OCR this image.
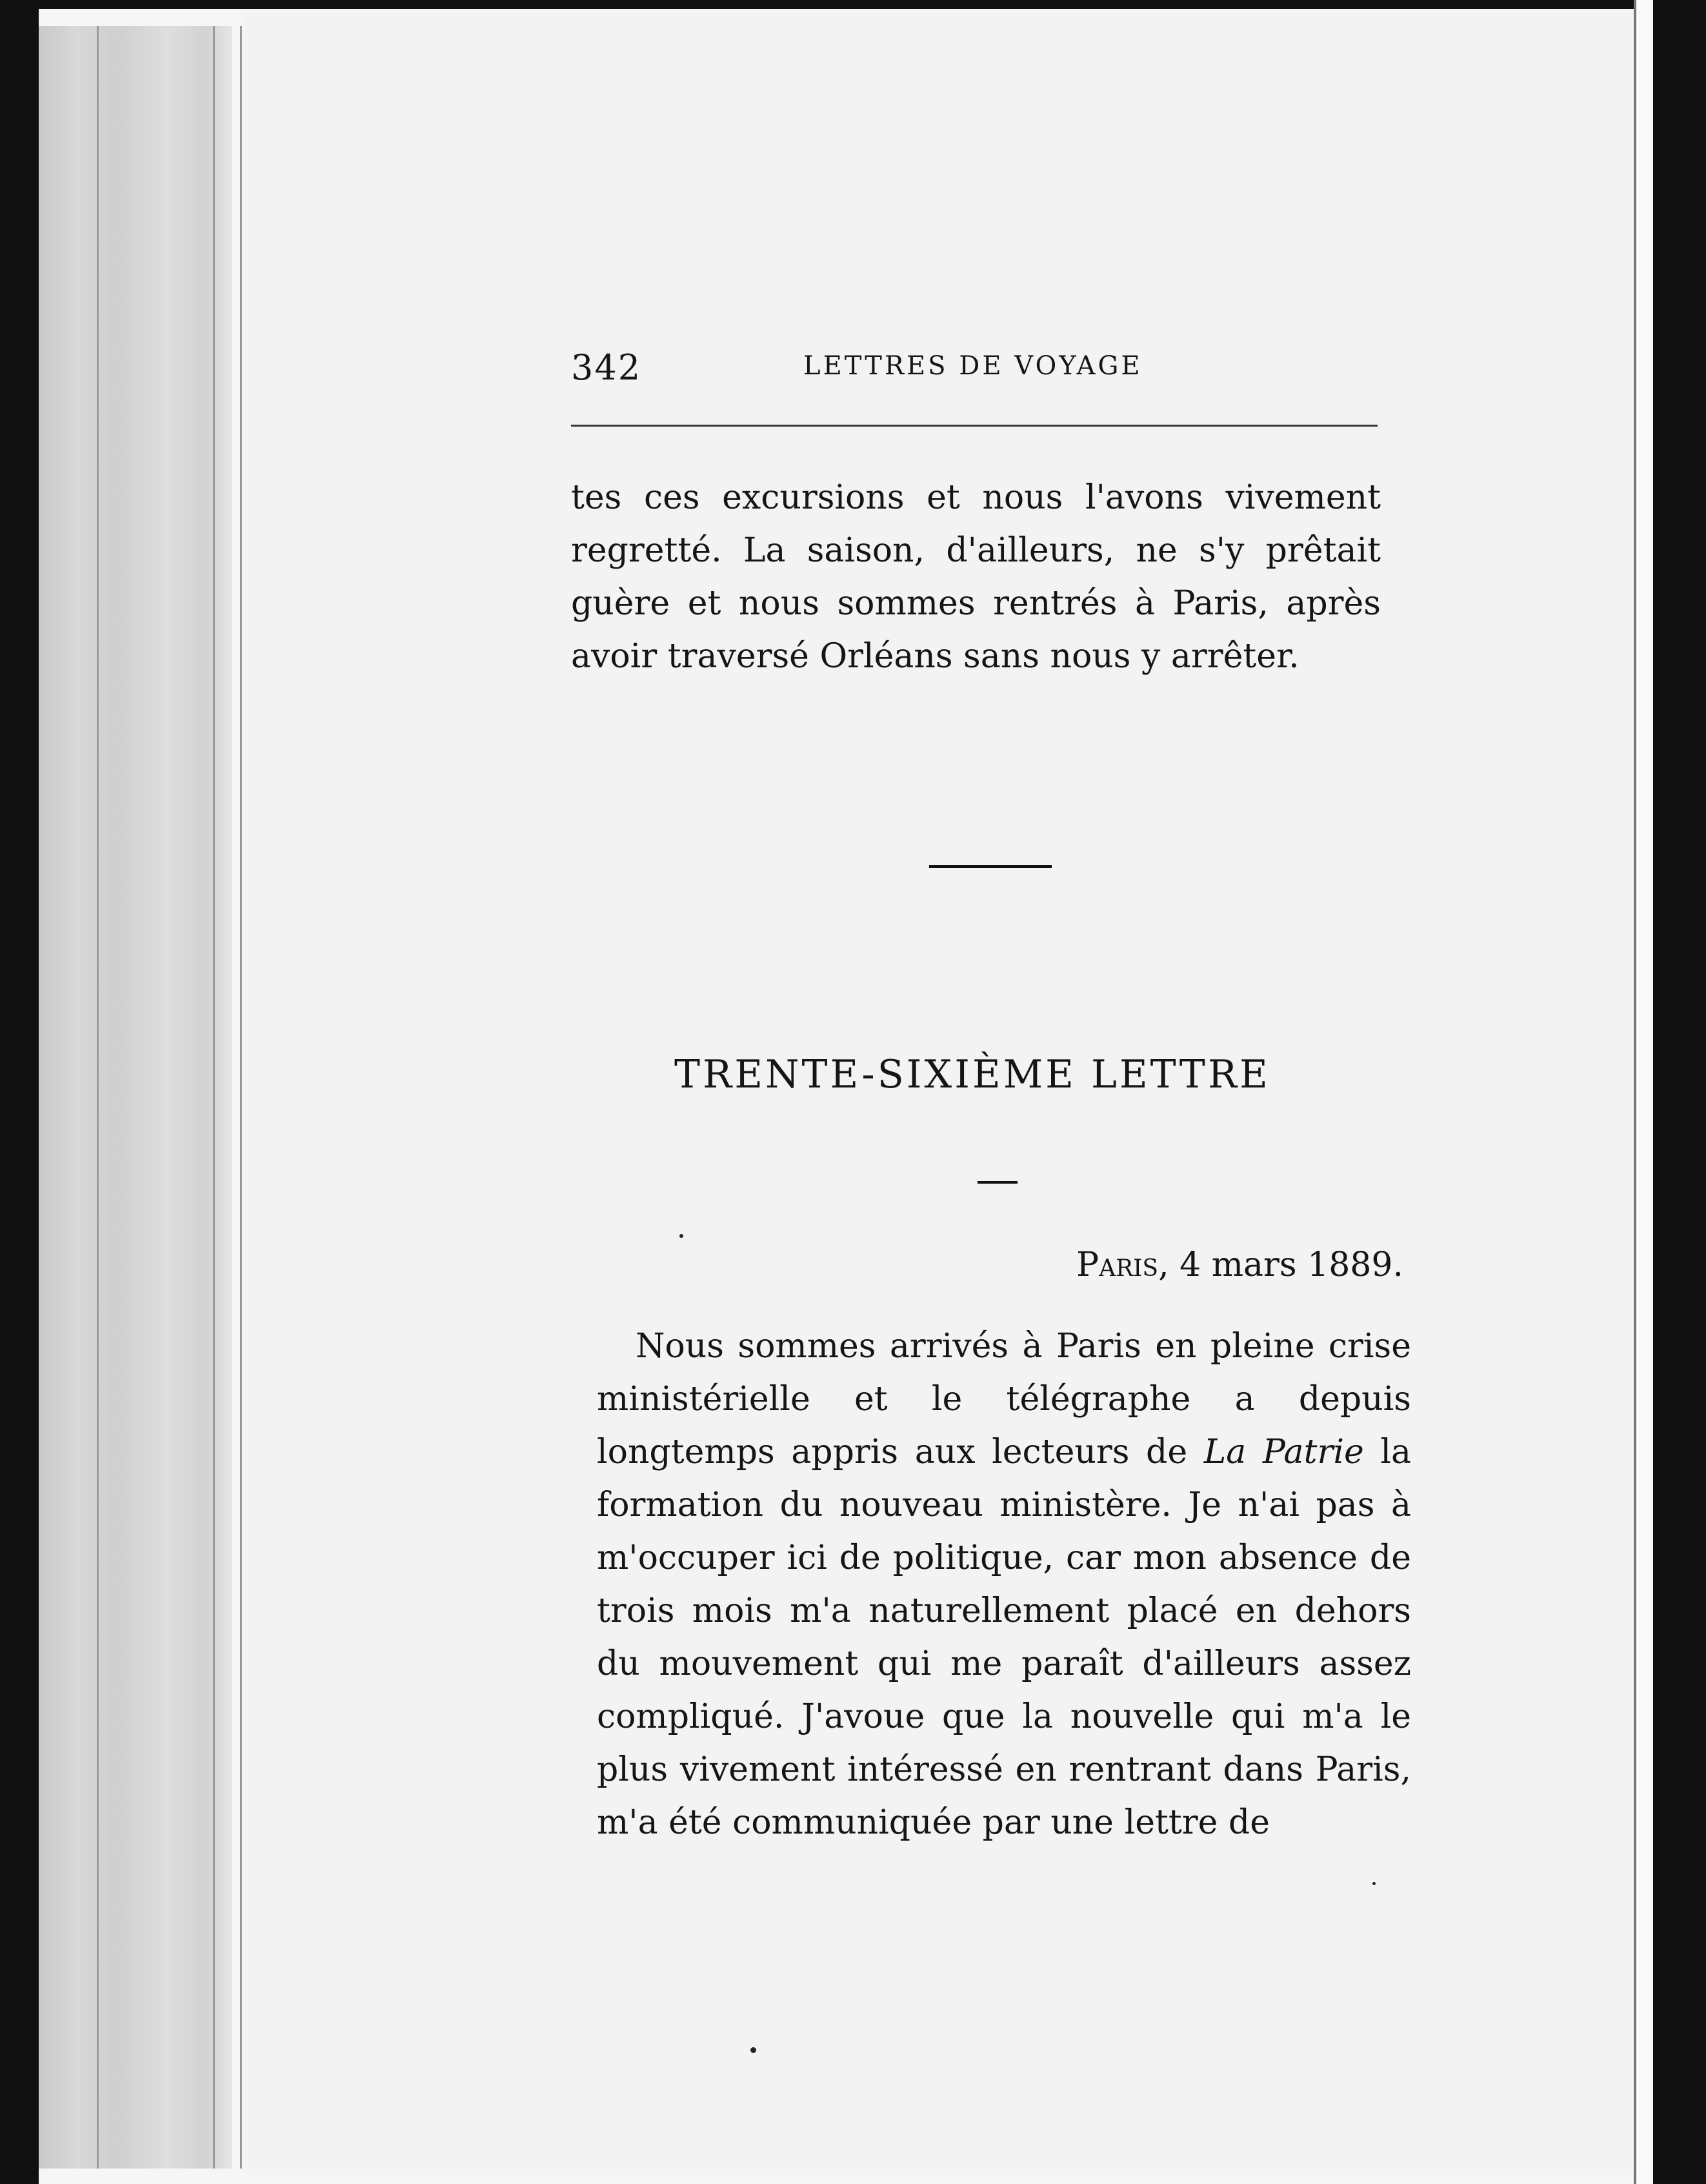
342	LETTRES DE VOYAGE

tes ces excursions et nous l'avons vivement regretté. La saison, d'ailleurs, ne s'y prêtait guère et nous sommes rentrés à Paris, après avoir traversé Orléans sans nous y arrêter.

TRENTE-SIXIÈME LETTRE
Paris, 4 mars 1889.

Nous sommes arrivés à Paris en pleine crise ministérielle et le télégraphe a depuis longtemps appris aux lecteurs de La Patrie la formation du nouveau ministère. Je n'ai pas à m'occuper ici de politique, car mon absence de trois mois m'a naturellement placé en dehors du mouvement qui me paraît d'ailleurs assez compliqué. J'avoue que la nouvelle qui m'a le plus vivement intéressé en rentrant dans Paris, m'a été communiquée par une lettre de
